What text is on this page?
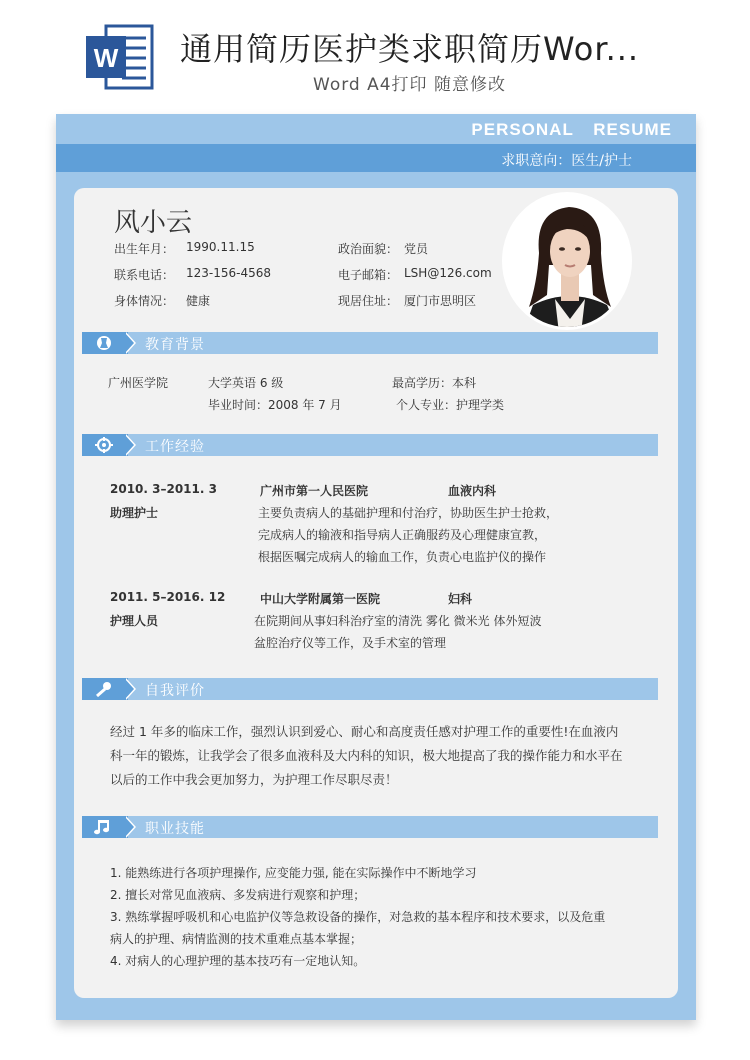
W 通用简历医护类求职简历Wor...
Word A4打印 随意修改
PERSONAL RESUME
求职意向：医生/护士
风小云
出生年月： 1990.11.15	政治面貌： 党员
联系电话： 123-156-4568	电子邮箱： LSH@126.com
身体情况： 健康	现居住址： 厦门市思明区
教育背景
广州医学院	大学英语 6 级	最高学历：本科
毕业时间：2008 年 7 月	个人专业：护理学类
工作经验
2010. 3–2011. 3	广州市第一人民医院	血液内科
助理护士	主要负责病人的基础护理和付治疗，协助医生护士抢救，
完成病人的输液和指导病人正确服药及心理健康宣教，
根据医嘱完成病人的输血工作，负责心电监护仪的操作
2011. 5–2016. 12	中山大学附属第一医院	妇科
护理人员	在院期间从事妇科治疗室的清洗 雾化 微米光 体外短波
盆腔治疗仪等工作，及手术室的管理
自我评价
经过 1 年多的临床工作，强烈认识到爱心、耐心和高度责任感对护理工作的重要性!在血液内
科一年的锻炼，让我学会了很多血液科及大内科的知识，极大地提高了我的操作能力和水平在
以后的工作中我会更加努力，为护理工作尽职尽责！
职业技能
1. 能熟练进行各项护理操作, 应变能力强, 能在实际操作中不断地学习
2. 擅长对常见血液病、多发病进行观察和护理；
3. 熟练掌握呼吸机和心电监护仪等急救设备的操作，对急救的基本程序和技术要求，以及危重
病人的护理、病情监测的技术重难点基本掌握；
4. 对病人的心理护理的基本技巧有一定地认知。
